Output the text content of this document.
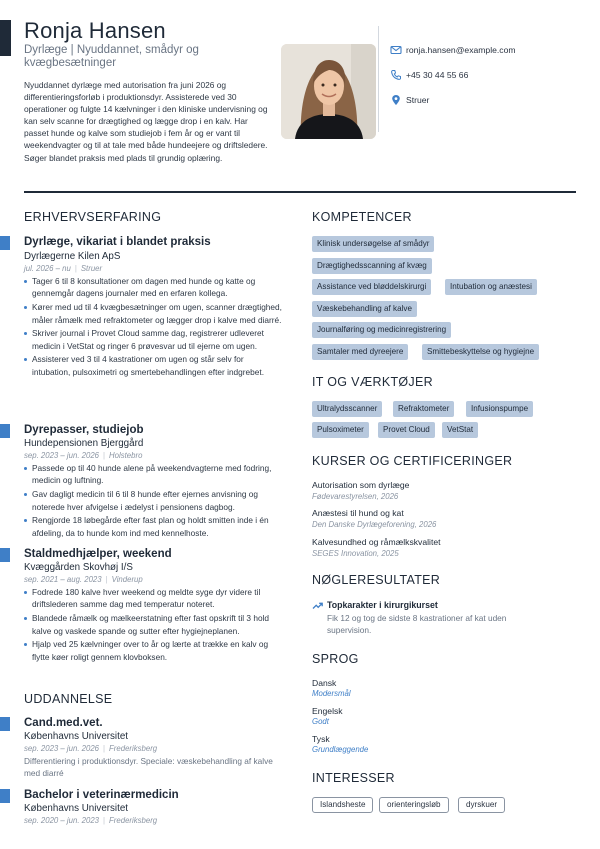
Ronja Hansen
Dyrlæge | Nyuddannet, smådyr og kvægbesætninger
Nyuddannet dyrlæge med autorisation fra juni 2026 og differentieringsforløb i produktionsdyr. Assisterede ved 30 operationer og fulgte 14 kælvninger i den kliniske undervisning og kan selv scanne for drægtighed og lægge drop i en kalv. Har passet hunde og kalve som studiejob i fem år og er vant til weekendvagter og til at tale med både hundeejere og driftsledere. Søger blandet praksis med plads til grundig oplæring.
ronja.hansen@example.com
+45 30 44 55 66
Struer
ERHVERVSERFARING
Dyrlæge, vikariat i blandet praksis
Dyrlægerne Kilen ApS
jul. 2026 – nu | Struer
Tager 6 til 8 konsultationer om dagen med hunde og katte og gennemgår dagens journaler med en erfaren kollega.
Kører med ud til 4 kvægbesætninger om ugen, scanner drægtighed, måler råmælk med refraktometer og lægger drop i kalve med diarré.
Skriver journal i Provet Cloud samme dag, registrerer udleveret medicin i VetStat og ringer 6 prøvesvar ud til ejerne om ugen.
Assisterer ved 3 til 4 kastrationer om ugen og står selv for intubation, pulsoximetri og smertebehandlingen efter indgrebet.
Dyrepasser, studiejob
Hundepensionen Bjerggård
sep. 2023 – jun. 2026 | Holstebro
Passede op til 40 hunde alene på weekendvagterne med fodring, medicin og luftning.
Gav dagligt medicin til 6 til 8 hunde efter ejernes anvisning og noterede hver afvigelse i ædelyst i pensionens dagbog.
Rengjorde 18 løbegårde efter fast plan og holdt smitten inde i én afdeling, da to hunde kom ind med kennelhoste.
Staldmedhjælper, weekend
Kvæggården Skovhøj I/S
sep. 2021 – aug. 2023 | Vinderup
Fodrede 180 kalve hver weekend og meldte syge dyr videre til driftslederen samme dag med temperatur noteret.
Blandede råmælk og mælkeerstatning efter fast opskrift til 3 hold kalve og vaskede spande og sutter efter hygiejneplanen.
Hjalp ved 25 kælvninger over to år og lærte at trække en kalv og flytte køer roligt gennem klovboksen.
UDDANNELSE
Cand.med.vet.
Københavns Universitet
sep. 2023 – jun. 2026 | Frederiksberg
Differentiering i produktionsdyr. Speciale: væskebehandling af kalve med diarré
Bachelor i veterinærmedicin
Københavns Universitet
sep. 2020 – jun. 2023 | Frederiksberg
KOMPETENCER
Klinisk undersøgelse af smådyr
Drægtighedsscanning af kvæg
Assistance ved bløddelskirurgi	Intubation og anæstesi
Væskebehandling af kalve
Journalføring og medicinregistrering
Samtaler med dyreejere	Smittebeskyttelse og hygiejne
IT OG VÆRKTØJER
Ultralydsscanner	Refraktometer	Infusionspumpe
Pulsoximeter	Provet Cloud	VetStat
KURSER OG CERTIFICERINGER
Autorisation som dyrlæge
Fødevarestyrelsen, 2026
Anæstesi til hund og kat
Den Danske Dyrlægeforening, 2026
Kalvesundhed og råmælkskvalitet
SEGES Innovation, 2025
NØGLERESULTATER
Topkarakter i kirurgikurset
Fik 12 og tog de sidste 8 kastrationer af kat uden supervision.
SPROG
Dansk
Modersmål
Engelsk
Godt
Tysk
Grundlæggende
INTERESSER
Islandsheste	orienteringsløb	dyrskuer
